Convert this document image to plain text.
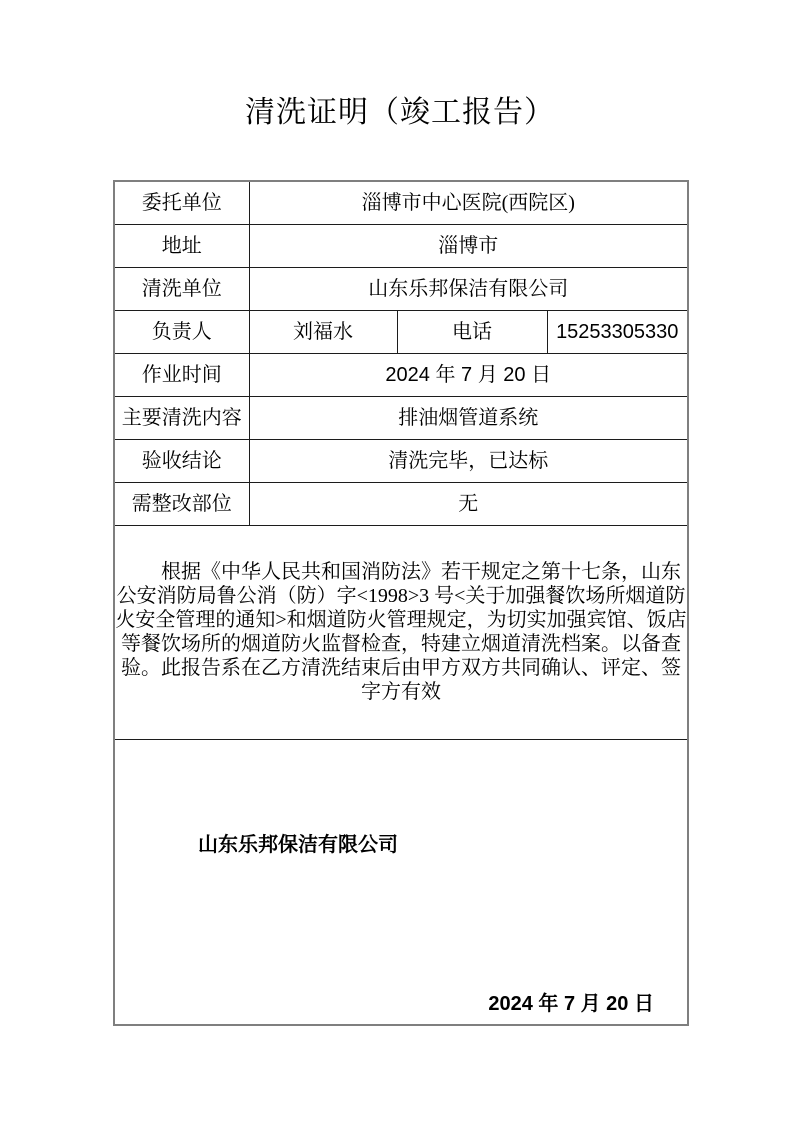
清洗证明（竣工报告）
委托单位	淄博市中心医院(西院区)		
地址	淄博市		
清洗单位	山东乐邦保洁有限公司		
负责人	刘福水	电话	15253305330
作业时间	2024 年 7 月 20 日		
主要清洗内容	排油烟管道系统		
验收结论	清洗完毕，已达标		
需整改部位	无		
根据《中华人民共和国消防法》若干规定之第十七条，山东公安消防局鲁公消（防）字<1998>3 号<关于加强餐饮场所烟道防火安全管理的通知>和烟道防火管理规定，为切实加强宾馆、饭店等餐饮场所的烟道防火监督检查，特建立烟道清洗档案。以备查验。此报告系在乙方清洗结束后由甲方双方共同确认、评定、签字方有效			

山东乐邦保洁有限公司
2024 年 7 月 20 日			
